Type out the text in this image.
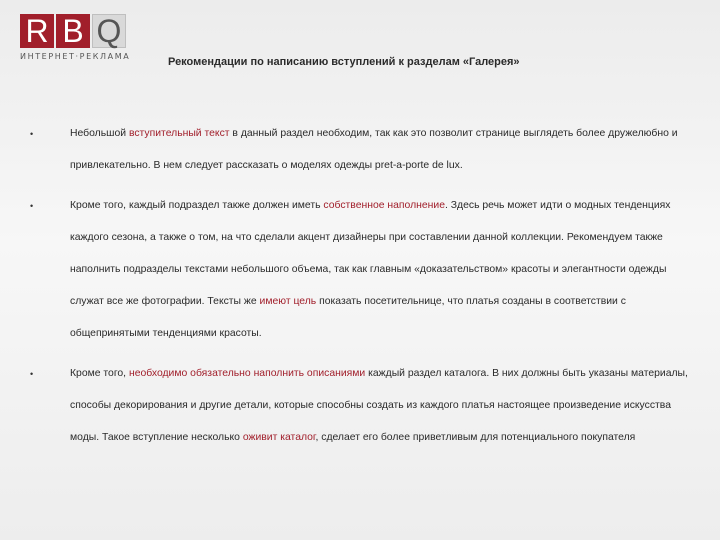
R B Q
ИНТЕРНЕТ·РЕКЛАМА	Рекомендации по написанию вступлений к разделам «Галерея»
•	Небольшой вступительный текст в данный раздел необходим, так как это позволит странице выглядеть более дружелюбно и привлекательно. В нем следует рассказать о моделях одежды pret-a-porte de lux.
•	Кроме того, каждый подраздел также должен иметь собственное наполнение. Здесь речь может идти о модных тенденциях каждого сезона, а также о том, на что сделали акцент дизайнеры при составлении данной коллекции. Рекомендуем также наполнить подразделы текстами небольшого объема, так как главным «доказательством» красоты и элегантности одежды служат все же фотографии. Тексты же имеют цель показать посетительнице, что платья созданы в соответствии с общепринятыми тенденциями красоты.
•	Кроме того, необходимо обязательно наполнить описаниями каждый раздел каталога. В них должны быть указаны материалы, способы декорирования и другие детали, которые способны создать из каждого платья настоящее произведение искусства моды. Такое вступление несколько оживит каталог, сделает его более приветливым для потенциального покупателя
